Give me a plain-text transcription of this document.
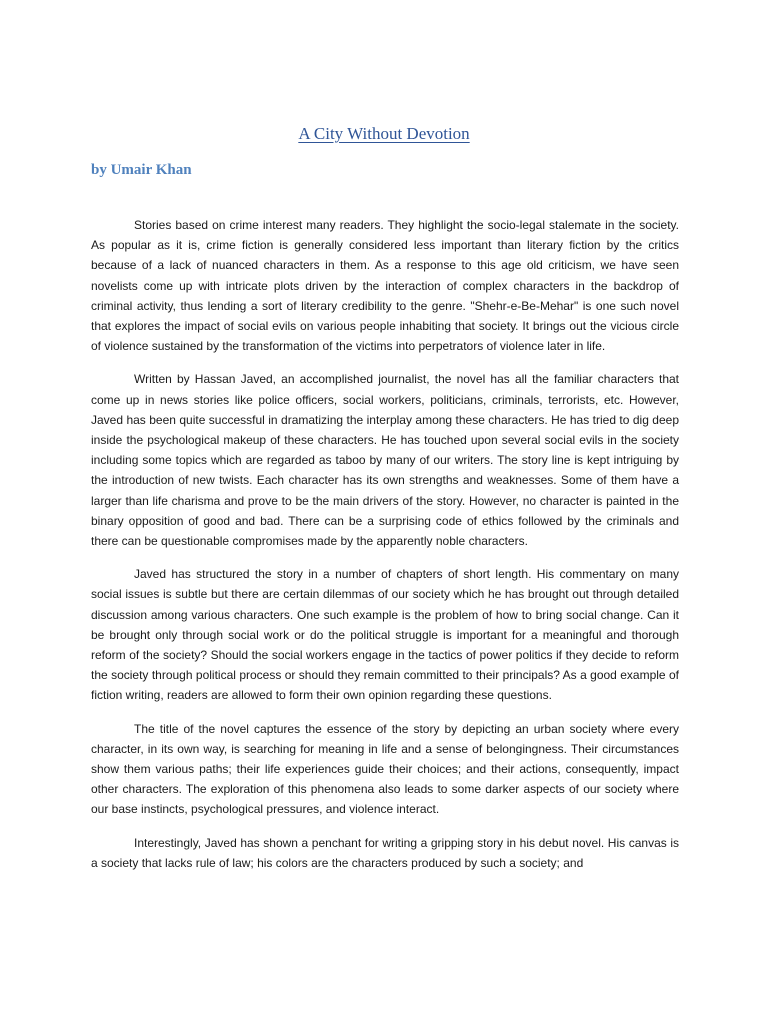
A City Without Devotion
by Umair Khan

Stories based on crime interest many readers. They highlight the socio-legal stalemate in the society. As popular as it is, crime fiction is generally considered less important than literary fiction by the critics because of a lack of nuanced characters in them. As a response to this age old criticism, we have seen novelists come up with intricate plots driven by the interaction of complex characters in the backdrop of criminal activity, thus lending a sort of literary credibility to the genre. "Shehr-e-Be-Mehar" is one such novel that explores the impact of social evils on various people inhabiting that society. It brings out the vicious circle of violence sustained by the transformation of the victims into perpetrators of violence later in life.

Written by Hassan Javed, an accomplished journalist, the novel has all the familiar characters that come up in news stories like police officers, social workers, politicians, criminals, terrorists, etc. However, Javed has been quite successful in dramatizing the interplay among these characters. He has tried to dig deep inside the psychological makeup of these characters. He has touched upon several social evils in the society including some topics which are regarded as taboo by many of our writers. The story line is kept intriguing by the introduction of new twists. Each character has its own strengths and weaknesses. Some of them have a larger than life charisma and prove to be the main drivers of the story. However, no character is painted in the binary opposition of good and bad. There can be a surprising code of ethics followed by the criminals and there can be questionable compromises made by the apparently noble characters.

Javed has structured the story in a number of chapters of short length. His commentary on many social issues is subtle but there are certain dilemmas of our society which he has brought out through detailed discussion among various characters. One such example is the problem of how to bring social change. Can it be brought only through social work or do the political struggle is important for a meaningful and thorough reform of the society? Should the social workers engage in the tactics of power politics if they decide to reform the society through political process or should they remain committed to their principals? As a good example of fiction writing, readers are allowed to form their own opinion regarding these questions.

The title of the novel captures the essence of the story by depicting an urban society where every character, in its own way, is searching for meaning in life and a sense of belongingness. Their circumstances show them various paths; their life experiences guide their choices; and their actions, consequently, impact other characters. The exploration of this phenomena also leads to some darker aspects of our society where our base instincts, psychological pressures, and violence interact.

Interestingly, Javed has shown a penchant for writing a gripping story in his debut novel. His canvas is a society that lacks rule of law; his colors are the characters produced by such a society; and
